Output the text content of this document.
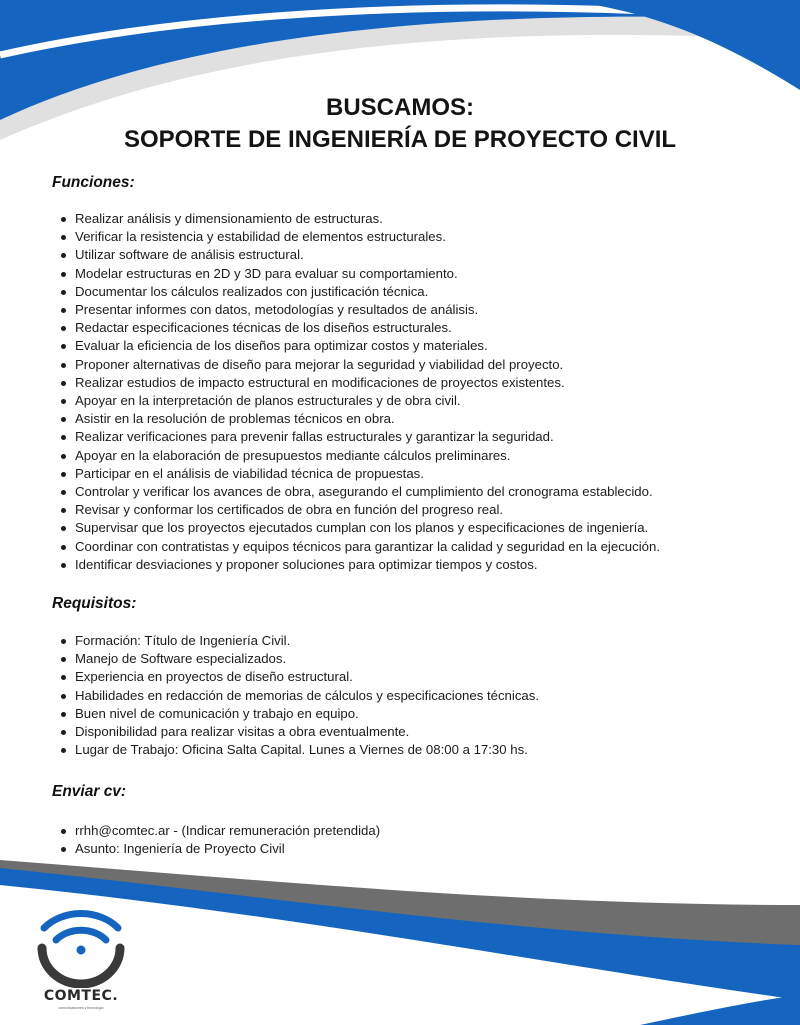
BUSCAMOS:
SOPORTE DE INGENIERÍA DE PROYECTO CIVIL
Funciones:
Realizar análisis y dimensionamiento de estructuras.
Verificar la resistencia y estabilidad de elementos estructurales.
Utilizar software de análisis estructural.
Modelar estructuras en 2D y 3D para evaluar su comportamiento.
Documentar los cálculos realizados con justificación técnica.
Presentar informes con datos, metodologías y resultados de análisis.
Redactar especificaciones técnicas de los diseños estructurales.
Evaluar la eficiencia de los diseños para optimizar costos y materiales.
Proponer alternativas de diseño para mejorar la seguridad y viabilidad del proyecto.
Realizar estudios de impacto estructural en modificaciones de proyectos existentes.
Apoyar en la interpretación de planos estructurales y de obra civil.
Asistir en la resolución de problemas técnicos en obra.
Realizar verificaciones para prevenir fallas estructurales y garantizar la seguridad.
Apoyar en la elaboración de presupuestos mediante cálculos preliminares.
Participar en el análisis de viabilidad técnica de propuestas.
Controlar y verificar los avances de obra, asegurando el cumplimiento del cronograma establecido.
Revisar y conformar los certificados de obra en función del progreso real.
Supervisar que los proyectos ejecutados cumplan con los planos y especificaciones de ingeniería.
Coordinar con contratistas y equipos técnicos para garantizar la calidad y seguridad en la ejecución.
Identificar desviaciones y proponer soluciones para optimizar tiempos y costos.
Requisitos:
Formación: Título de Ingeniería Civil.
Manejo de Software especializados.
Experiencia en proyectos de diseño estructural.
Habilidades en redacción de memorias de cálculos y especificaciones técnicas.
Buen nivel de comunicación y trabajo en equipo.
Disponibilidad para realizar visitas a obra eventualmente.
Lugar de Trabajo: Oficina Salta Capital. Lunes a Viernes de 08:00 a 17:30 hs.
Enviar cv:
rrhh@comtec.ar - (Indicar remuneración pretendida)
Asunto: Ingeniería de Proyecto Civil
COMTEC.
comunicaciones y tecnología
